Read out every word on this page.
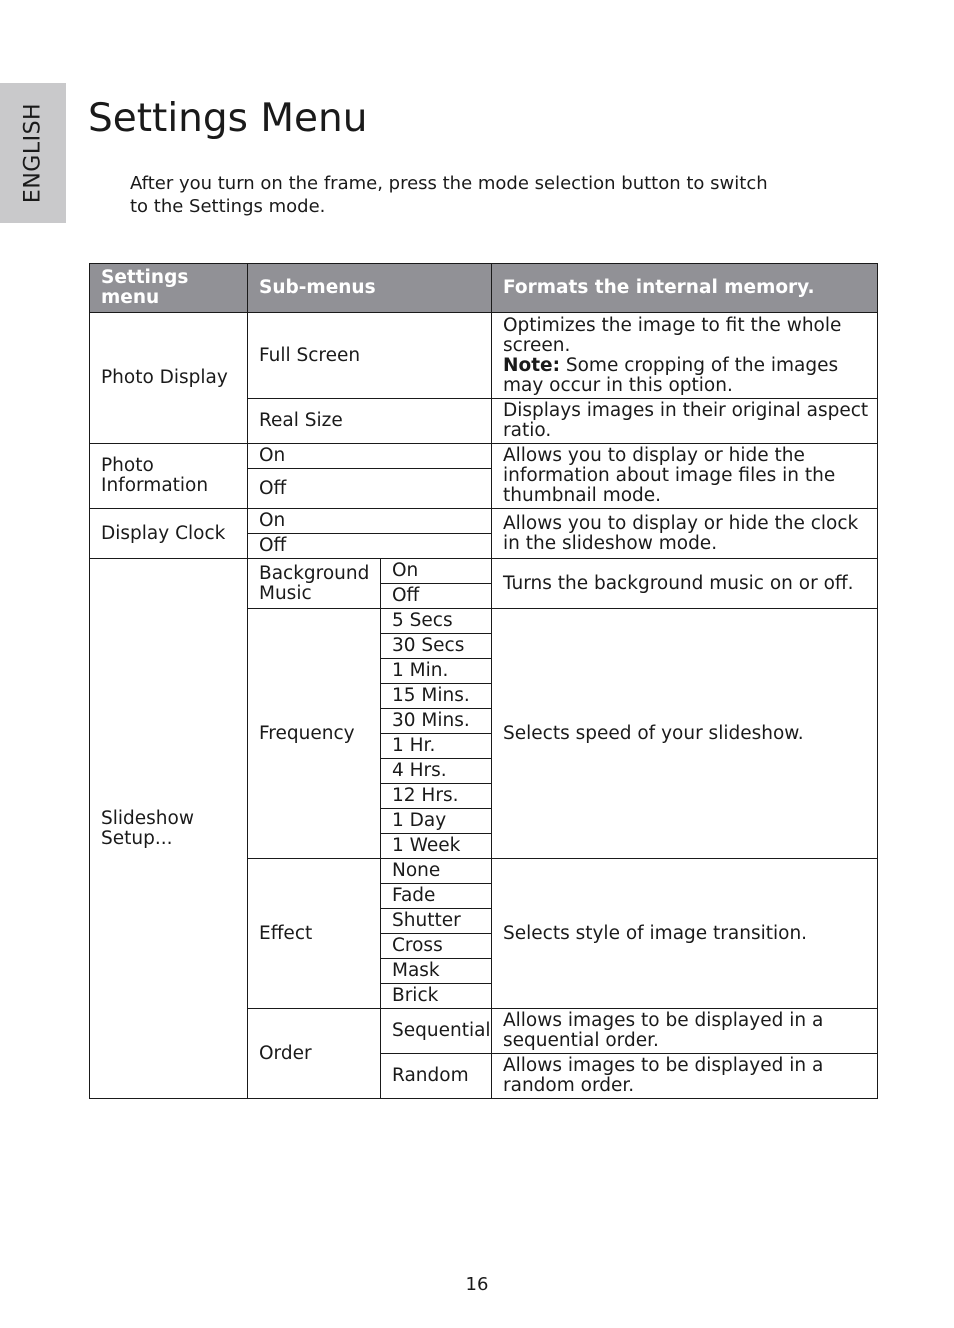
ENGLISH Settings Menu

After you turn on the frame, press the mode selection button to switch to the Settings mode.

Settings menu	Sub-menus		Formats the internal memory.
Photo Display	Full Screen		Optimizes the image to fit the whole screen.
Note: Some cropping of the images may occur in this option.
	Real Size		Displays images in their original aspect ratio.
Photo Information	On		Allows you to display or hide the information about image files in the thumbnail mode.
	Off		
Display Clock	On		Allows you to display or hide the clock in the slideshow mode.
	Off		
Slideshow Setup...	Background Music	On	Turns the background music on or off.
		Off	
	Frequency	5 Secs	Selects speed of your slideshow.
		30 Secs	
		1 Min.	
		15 Mins.	
		30 Mins.	
		1 Hr.	
		4 Hrs.	
		12 Hrs.	
		1 Day	
		1 Week	
	Effect	None	Selects style of image transition.
		Fade	
		Shutter	
		Cross	
		Mask	
		Brick	
	Order	Sequential	Allows images to be displayed in a sequential order.
		Random	Allows images to be displayed in a random order.
16
